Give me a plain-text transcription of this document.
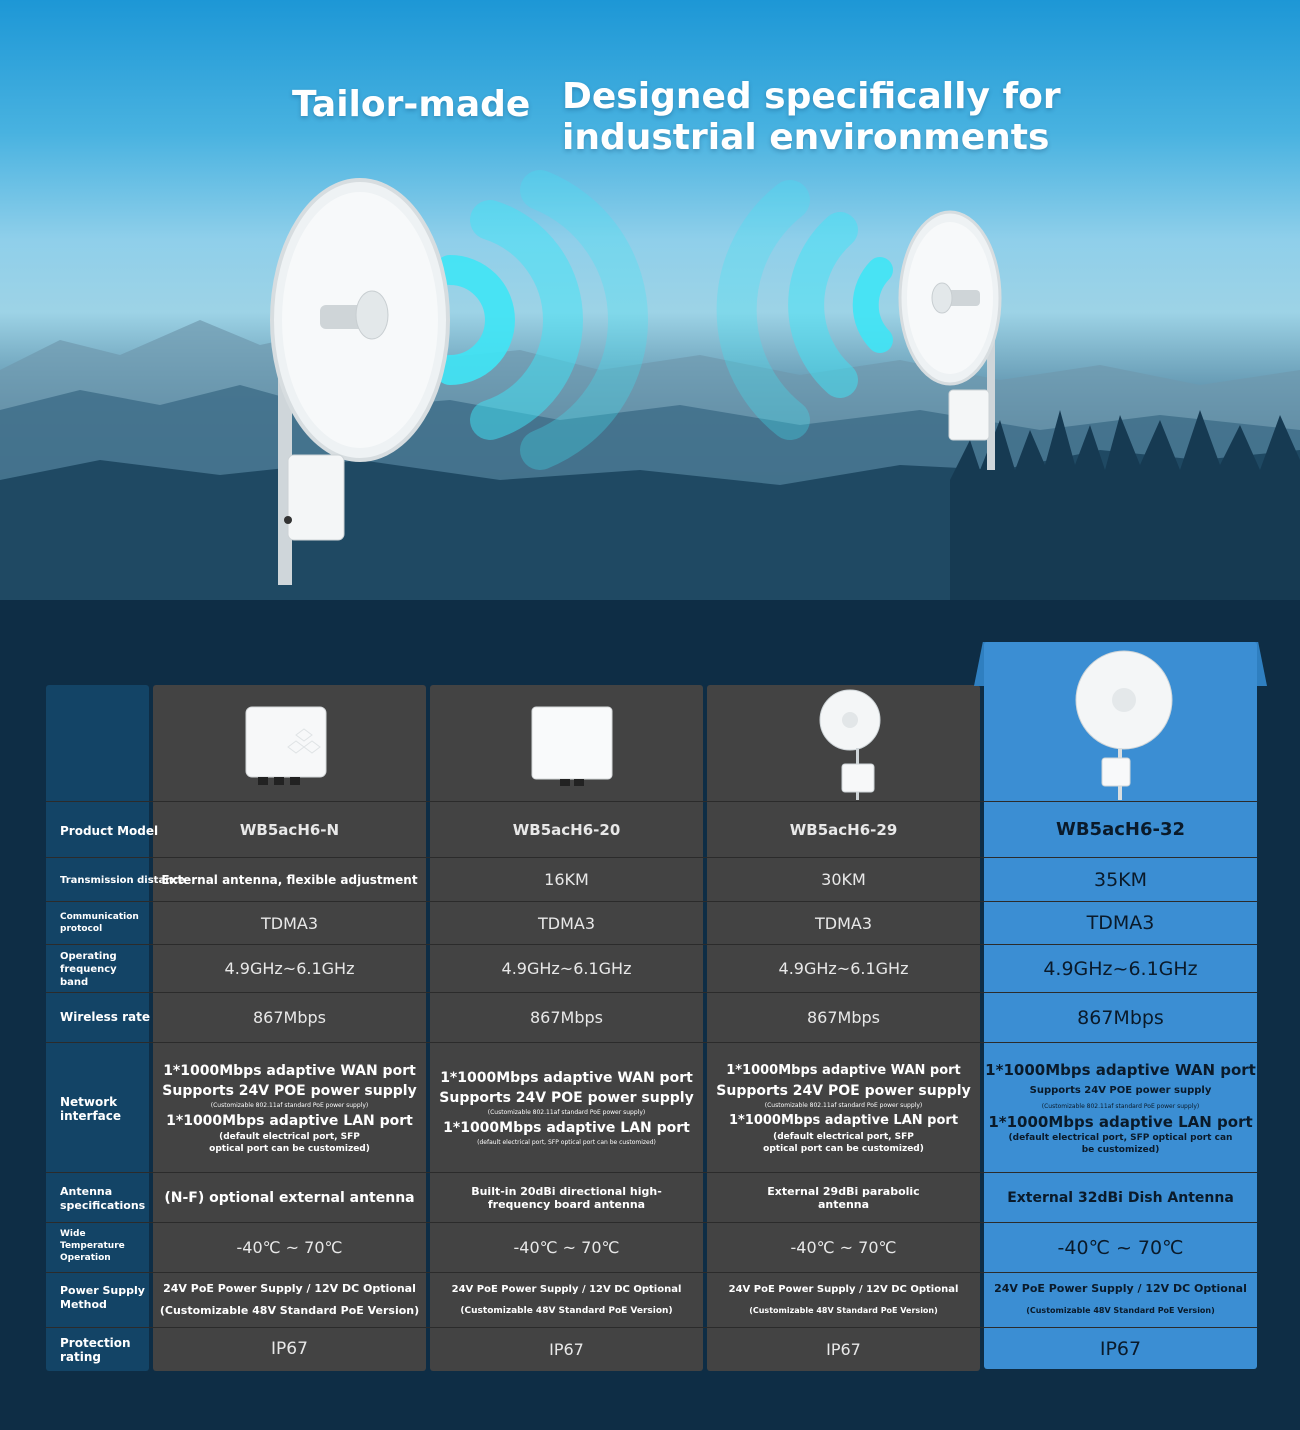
Tailor-made Designed specifically for
industrial environments
Product Model
Transmission distance
Communication protocol
Operating frequency band
Wireless rate
Network interface
Antenna specifications
Wide Temperature Operation
Power Supply Method
Protection rating
WB5acH6-N
External antenna, flexible adjustment
TDMA3
4.9GHz~6.1GHz
867Mbps
1*1000Mbps adaptive WAN port
Supports 24V POE power supply
(Customizable 802.11af standard PoE power supply)
1*1000Mbps adaptive LAN port
(default electrical port, SFP optical port can be customized)
(N-F) optional external antenna
-40℃ ~ 70℃
24V PoE Power Supply / 12V DC Optional
(Customizable 48V Standard PoE Version)
IP67
WB5acH6-20
16KM
TDMA3
4.9GHz~6.1GHz
867Mbps
1*1000Mbps adaptive WAN port
Supports 24V POE power supply
(Customizable 802.11af standard PoE power supply)
1*1000Mbps adaptive LAN port
(default electrical port, SFP optical port can be customized)
Built-in 20dBi directional high-frequency board antenna
-40℃ ~ 70℃
24V PoE Power Supply / 12V DC Optional
(Customizable 48V Standard PoE Version)
IP67
WB5acH6-29
30KM
TDMA3
4.9GHz~6.1GHz
867Mbps
1*1000Mbps adaptive WAN port
Supports 24V POE power supply
(Customizable 802.11af standard PoE power supply)
1*1000Mbps adaptive LAN port
(default electrical port, SFP optical port can be customized)
External 29dBi parabolic antenna
-40℃ ~ 70℃
24V PoE Power Supply / 12V DC Optional
(Customizable 48V Standard PoE Version)
IP67
WB5acH6-32
35KM
TDMA3
4.9GHz~6.1GHz
867Mbps
1*1000Mbps adaptive WAN port
Supports 24V POE power supply
(Customizable 802.11af standard PoE power supply)
1*1000Mbps adaptive LAN port
(default electrical port, SFP optical port can be customized)
External 32dBi Dish Antenna
-40℃ ~ 70℃
24V PoE Power Supply / 12V DC Optional
(Customizable 48V Standard PoE Version)
IP67
